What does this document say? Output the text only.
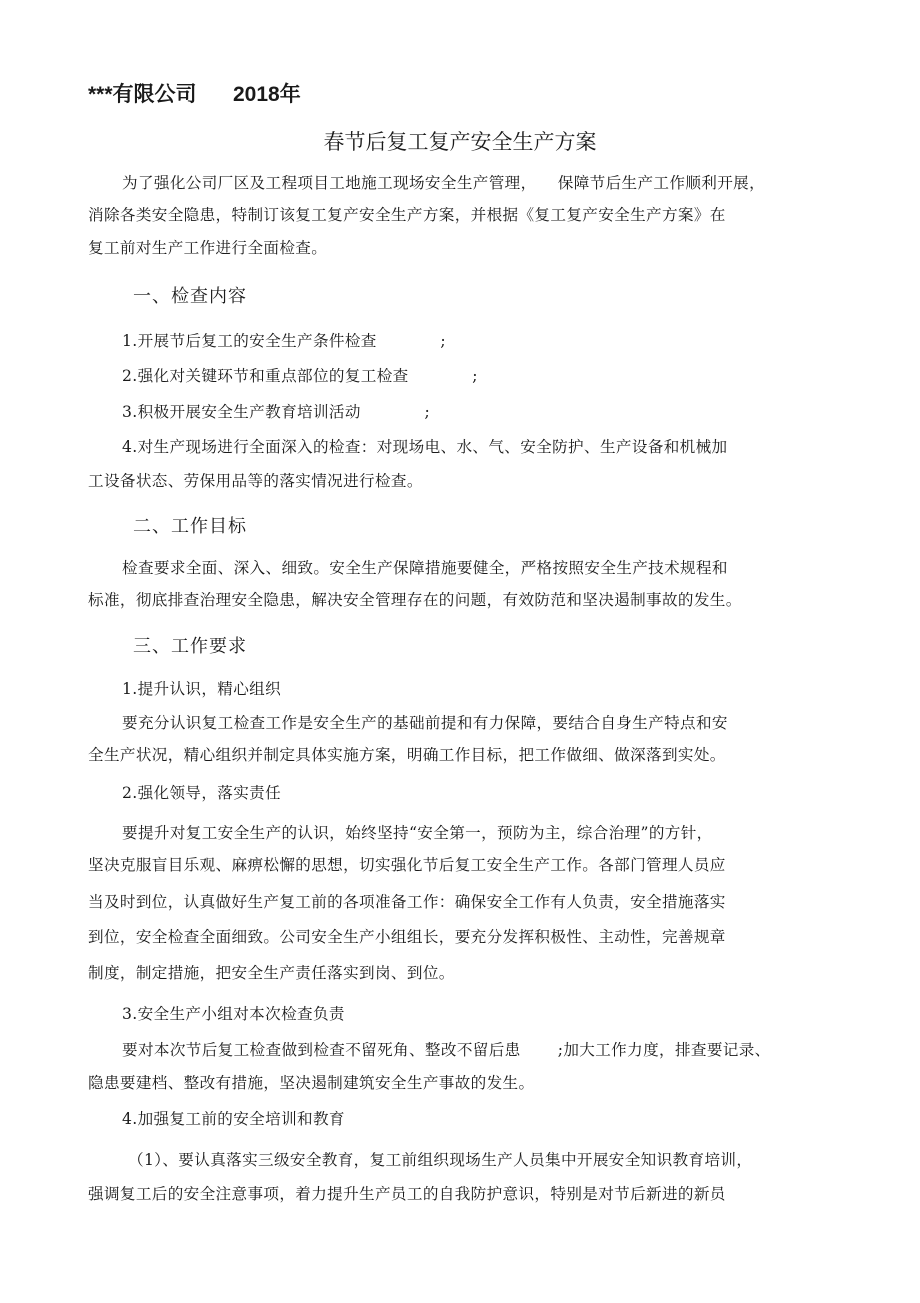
***有限公司 2018年
春节后复工复产安全生产方案
为了强化公司厂区及工程项目工地施工现场安全生产管理，    保障节后生产工作顺利开展，
消除各类安全隐患，特制订该复工复产安全生产方案，并根据《复工复产安全生产方案》在
复工前对生产工作进行全面检查。
一、检查内容
1.开展节后复工的安全生产条件检查            ;
2.强化对关键环节和重点部位的复工检查            ;
3.积极开展安全生产教育培训活动            ;
4.对生产现场进行全面深入的检查：对现场电、水、气、安全防护、生产设备和机械加
工设备状态、劳保用品等的落实情况进行检查。
二、工作目标
检查要求全面、深入、细致。安全生产保障措施要健全，严格按照安全生产技术规程和
标准，彻底排查治理安全隐患，解决安全管理存在的问题，有效防范和坚决遏制事故的发生。
三、工作要求
1.提升认识，精心组织
要充分认识复工检查工作是安全生产的基础前提和有力保障，要结合自身生产特点和安
全生产状况，精心组织并制定具体实施方案，明确工作目标，把工作做细、做深落到实处。
2.强化领导，落实责任
要提升对复工安全生产的认识，始终坚持“安全第一，预防为主，综合治理”的方针，
坚决克服盲目乐观、麻痹松懈的思想，切实强化节后复工安全生产工作。各部门管理人员应
当及时到位，认真做好生产复工前的各项准备工作：确保安全工作有人负责，安全措施落实
到位，安全检查全面细致。公司安全生产小组组长，要充分发挥积极性、主动性，完善规章
制度，制定措施，把安全生产责任落实到岗、到位。
3.安全生产小组对本次检查负责
要对本次节后复工检查做到检查不留死角、整改不留后患       ;加大工作力度，排查要记录、
隐患要建档、整改有措施，坚决遏制建筑安全生产事故的发生。
4.加强复工前的安全培训和教育
（1）、要认真落实三级安全教育，复工前组织现场生产人员集中开展安全知识教育培训，
强调复工后的安全注意事项，着力提升生产员工的自我防护意识，特别是对节后新进的新员
